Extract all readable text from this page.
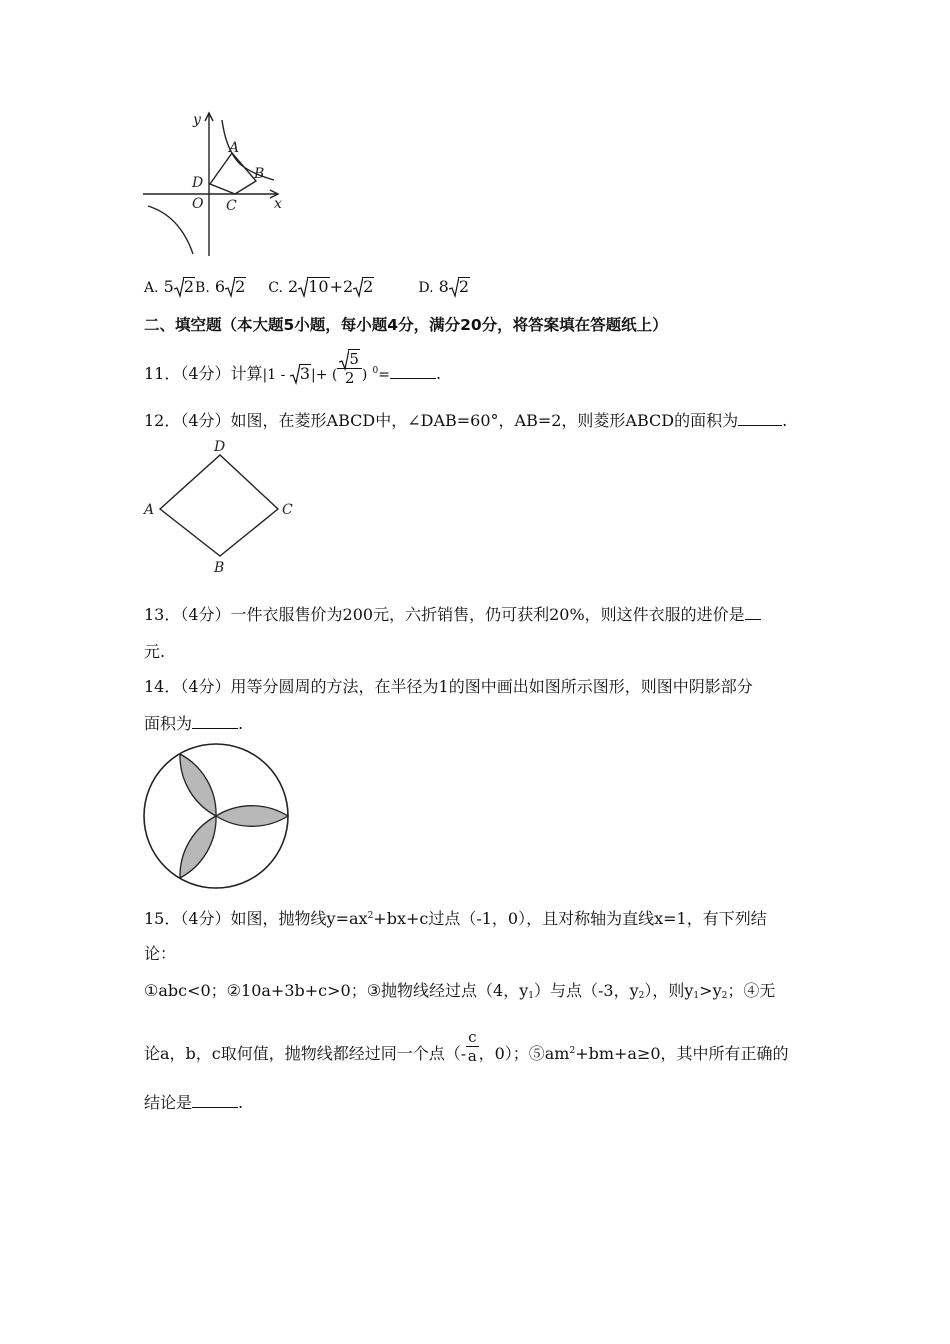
y
x
A
B
C
D
O
A. 5 2B. 6 2 C. 2 10+2 2	D. 8 2
二、填空题（本大题5小题，每小题4分，满分20分，将答案填在答题纸上）
11．（4分）计算|1 -
3|+ ( $\frac{5}{2}$ ) $^0$=	.
12．（4分）如图，在菱形ABCD中，∠DAB=60°，AB=2，则菱形ABCD的面积为	.
D
A	C
B
13．（4分）一件衣服售价为200元，六折销售，仍可获利20%，则这件衣服的进价是
元.
14．（4分）用等分圆周的方法，在半径为1的图中画出如图所示图形，则图中阴影部分
面积为	.
15．（4分）如图，抛物线$y=ax^2+bx+c$过点（-1，0），且对称轴为直线x=1，有下列结
论：
①abc<0；②10a+3b+c>0；③抛物线经过点（4，$y_1$）与点（-3，$y_2$），则$y_1>y_2$；④无
论a，b，c取何值，抛物线都经过同一个点（- $\frac{c}{a}$ ，0）；$⑤am^2+bm+a\ge 0$，其中所有正确的
结论是	.
